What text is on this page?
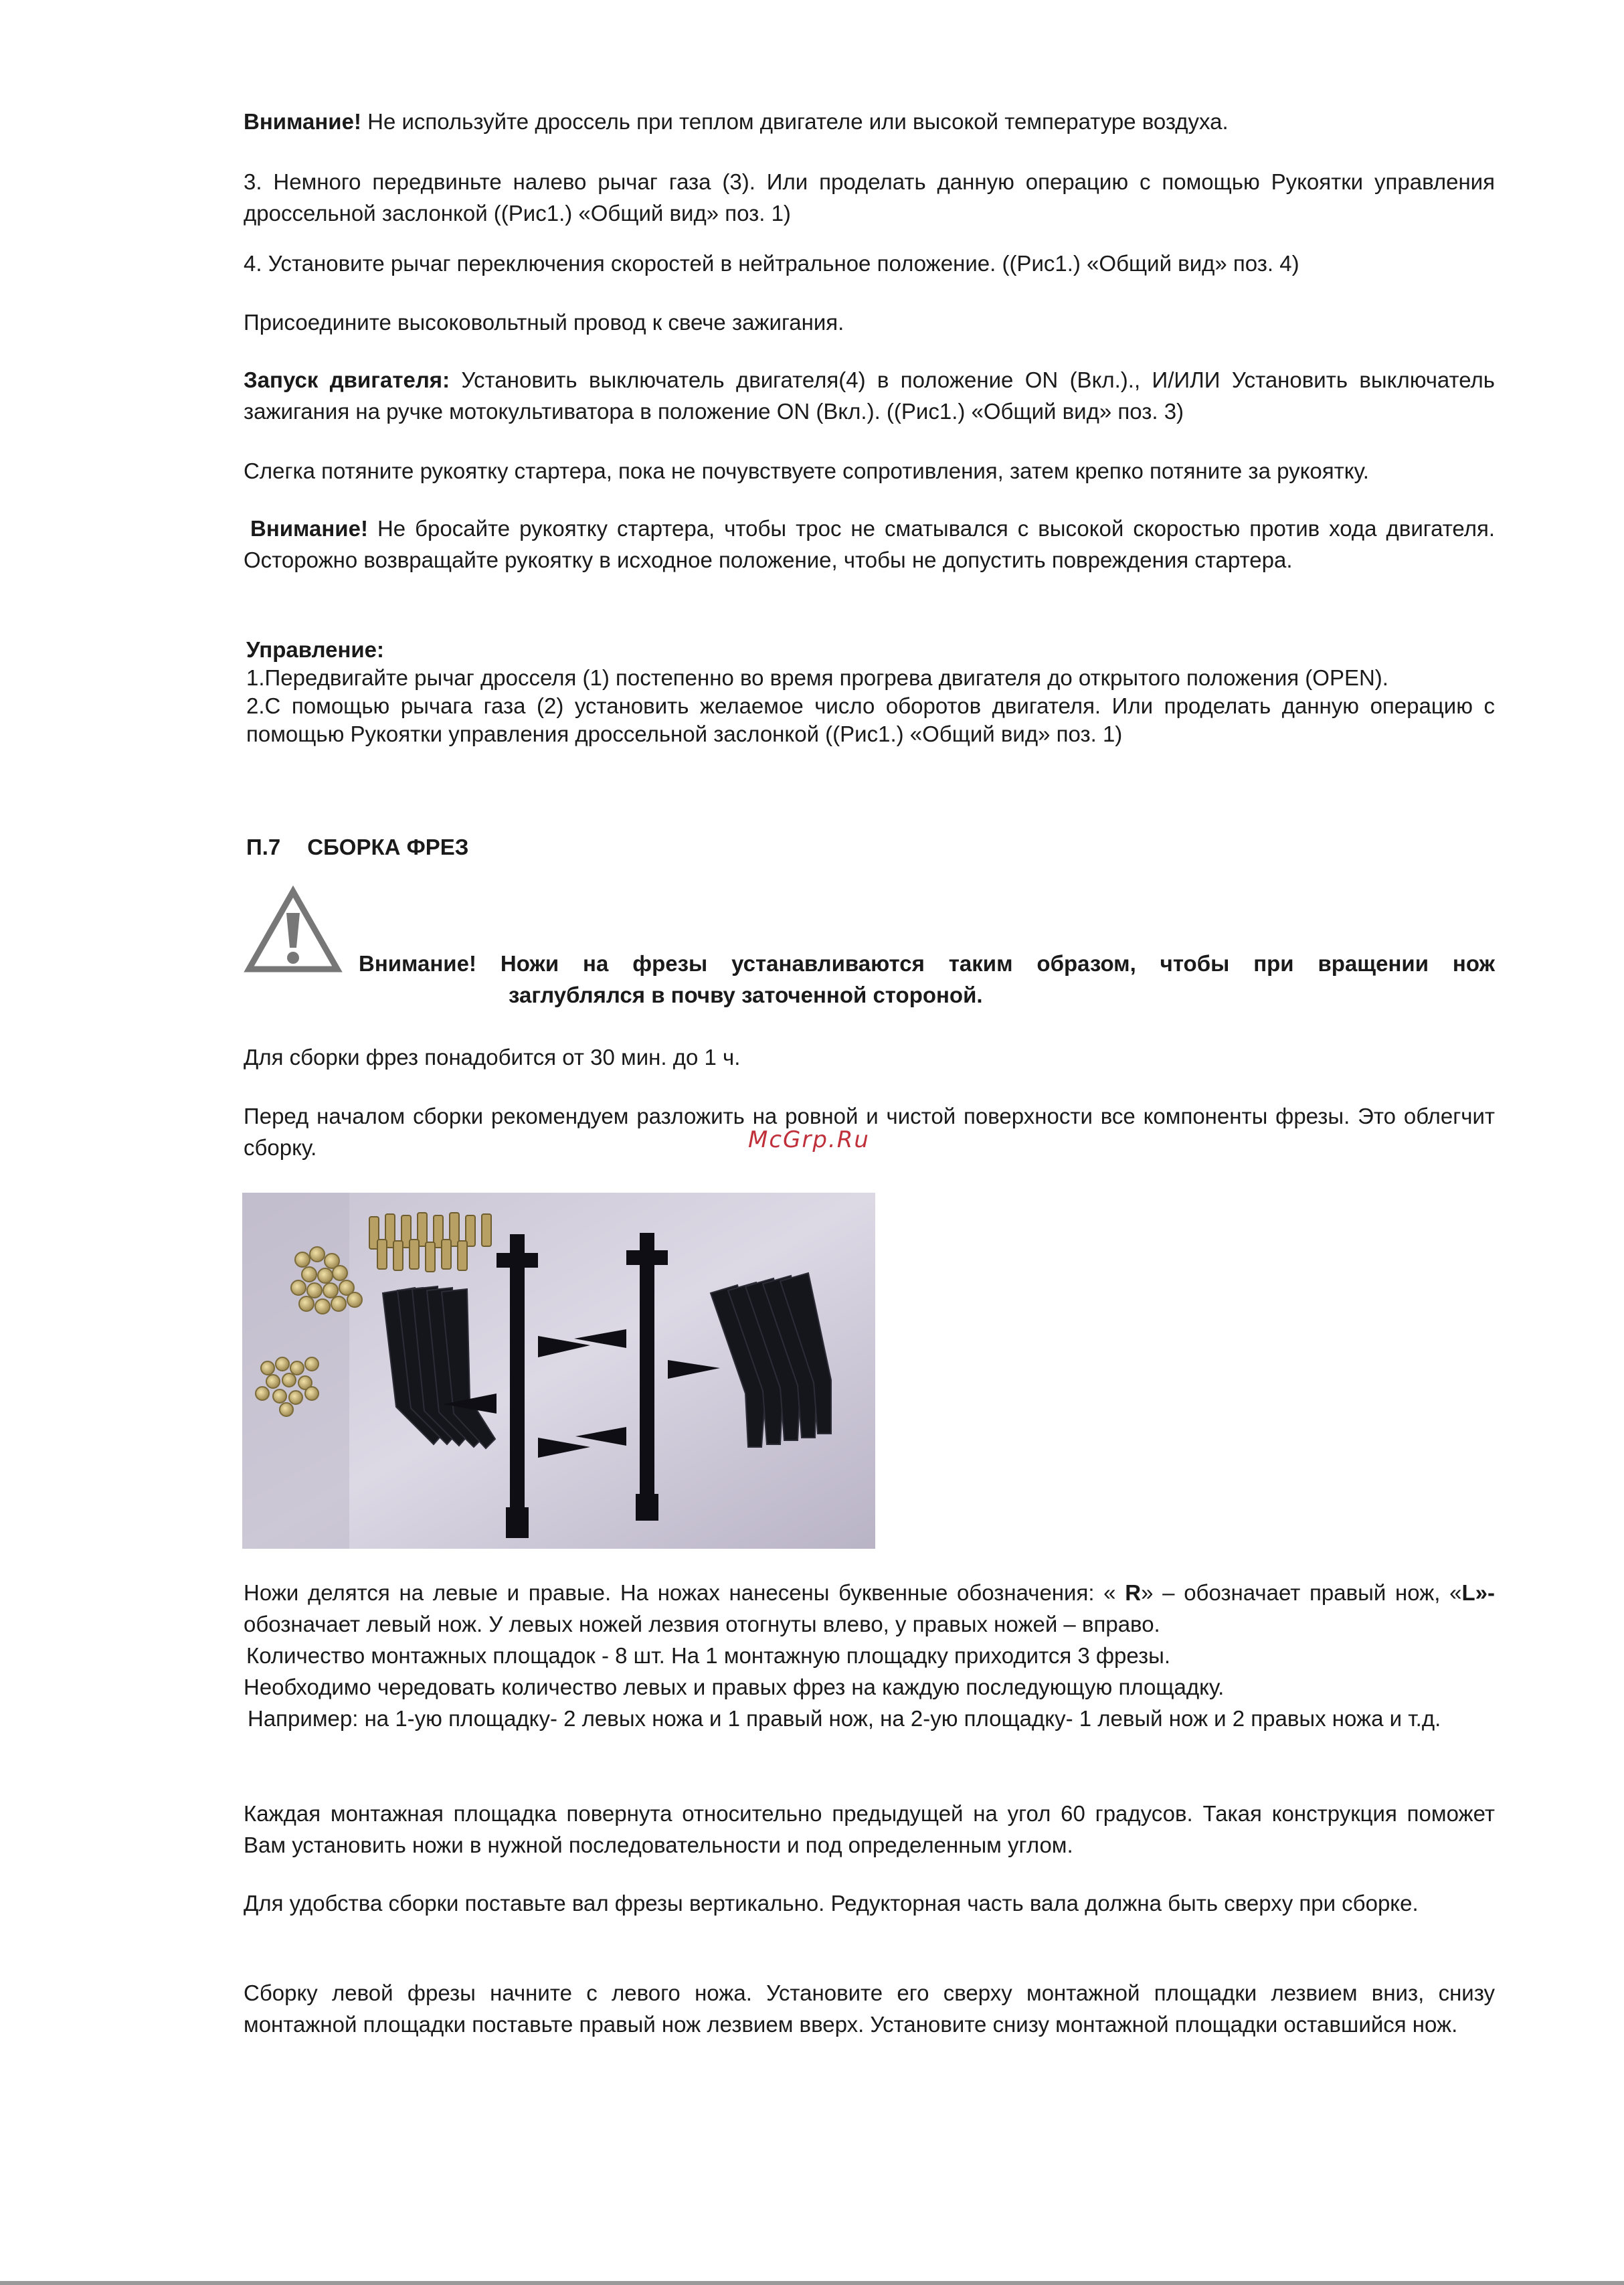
Внимание! Не используйте дроссель при теплом двигателе или высокой температуре воздуха.

3. Немного передвиньте налево рычаг газа (3). Или проделать данную операцию с помощью Рукоятки управления дроссельной заслонкой ((Рис1.) «Общий вид» поз. 1)

4. Установите рычаг переключения скоростей в нейтральное положение. ((Рис1.) «Общий вид» поз. 4)

Присоедините высоковольтный провод к свече зажигания.

Запуск двигателя: Установить выключатель двигателя(4) в положение ON (Вкл.)., И/ИЛИ Установить выключатель зажигания на ручке мотокультиватора в положение ON (Вкл.). ((Рис1.) «Общий вид» поз. 3)

Слегка потяните рукоятку стартера, пока не почувствуете сопротивления, затем крепко потяните за рукоятку.

Внимание! Не бросайте рукоятку стартера, чтобы трос не сматывался с высокой скоростью против хода двигателя. Осторожно возвращайте рукоятку в исходное положение, чтобы не допустить повреждения стартера.

Управление:
1.Передвигайте рычаг дросселя (1) постепенно во время прогрева двигателя до открытого положения (OPEN).
2.С помощью рычага газа (2) установить желаемое число оборотов двигателя. Или проделать данную операцию с помощью Рукоятки управления дроссельной заслонкой ((Рис1.) «Общий вид» поз. 1)
П.7 СБОРКА ФРЕЗ
Внимание! Ножи на фрезы устанавливаются таким образом, чтобы при вращении нож
заглублялся в почву заточенной стороной.

Для сборки фрез понадобится от 30 мин. до 1 ч.

Перед началом сборки рекомендуем разложить на ровной и чистой поверхности все компоненты фрезы. Это облегчит сборку.	McGrp.Ru
Ножи делятся на левые и правые. На ножах нанесены буквенные обозначения: « R» – обозначает правый нож, «L»- обозначает левый нож. У левых ножей лезвия отогнуты влево, у правых ножей – вправо.
Количество монтажных площадок - 8 шт. На 1 монтажную площадку приходится 3 фрезы.
Необходимо чередовать количество левых и правых фрез на каждую последующую площадку.
Например: на 1-ую площадку- 2 левых ножа и 1 правый нож, на 2-ую площадку- 1 левый нож и 2 правых ножа и т.д.

Каждая монтажная площадка повернута относительно предыдущей на угол 60 градусов. Такая конструкция поможет Вам установить ножи в нужной последовательности и под определенным углом.

Для удобства сборки поставьте вал фрезы вертикально. Редукторная часть вала должна быть сверху при сборке.

Сборку левой фрезы начните с левого ножа. Установите его сверху монтажной площадки лезвием вниз, снизу монтажной площадки поставьте правый нож лезвием вверх. Установите снизу монтажной площадки оставшийся нож.
